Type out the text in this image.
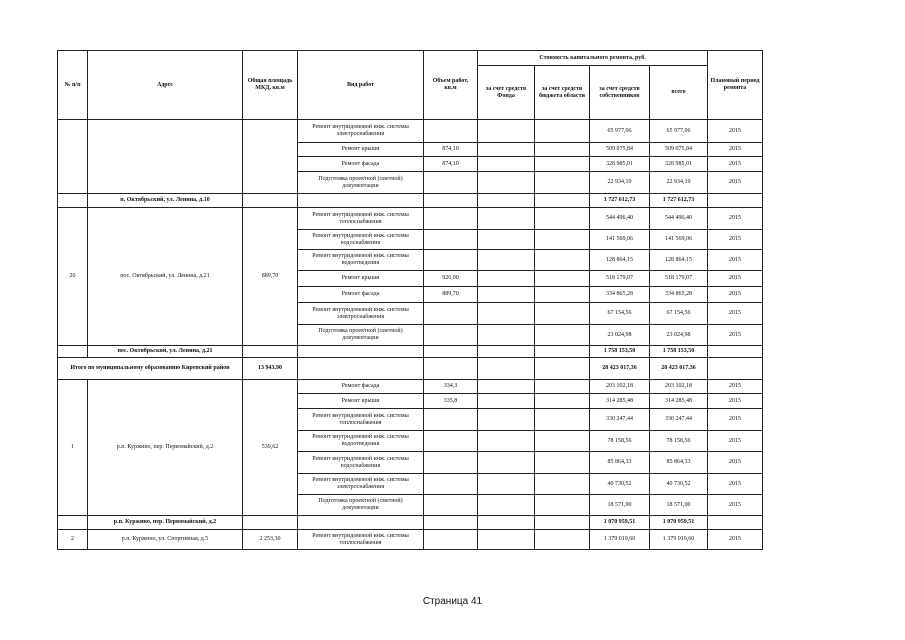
№ п/п	Адрес	Общая площадь МКД, кв.м	Вид работ	Объем работ, кв.м	Стоимость капитального ремонта, руб.				Плановый период ремонта
					за счет средств Фонда	за счет средств бюджета области	за счет средств собственников	всего	
			Ремонт внутридомовой инж. системы электроснабжения				65 977,06	65 977,06	2015
			Ремонт крыши	874,10			509 075,84	509 075,84	2015
			Ремонт фасада	874,10			328 985,01	328 985,01	2015
			Подготовка проектной (сметной) документации				22 934,19	22 934,19	2015
	п. Октябрьский, ул. Ленина, д.10						1 727 612,73	1 727 612,73	
20	пос. Октябрьский, ул. Ленина, д.21	889,70	Ремонт внутридомовой инж. системы теплоснабжения				544 496,40	544 496,40	2015
			Ремонт внутридомовой инж. системы водоснабжения				141 569,06	141 569,06	2015
			Ремонт внутридомовой инж. системы водоотведения				128 864,15	128 864,15	2015
			Ремонт крыши	926,00			518 179,07	518 179,07	2015
			Ремонт фасада	889,70			334 865,28	334 865,28	2015
			Ремонт внутридомовой инж. системы электроснабжения				67 154,56	67 154,56	2015
			Подготовка проектной (сметной) документации				23 024,98	23 024,98	2015
	пос. Октябрьский, ул. Ленина, д.21						1 758 153,50	1 758 153,50	
Итого по муниципальному образованию Киренский район		13 943,90					28 423 017,36	28 423 017,36	
1	р.п. Куржино, пер. Первомайский, д.2	539,62	Ремонт фасада	334,3			203 102,18	203 102,18	2015
			Ремонт крыши	335,8			314 285,48	314 285,48	2015
			Ремонт внутридомовой инж. системы теплоснабжения				330 247,44	330 247,44	2015
			Ремонт внутридомовой инж. системы водоотведения				78 158,56	78 158,56	2015
			Ремонт внутридомовой инж. системы водоснабжения				85 864,33	85 864,33	2015
			Ремонт внутридомовой инж. системы электроснабжения				40 730,52	40 730,52	2015
			Подготовка проектной (сметной) документации				18 571,00	18 571,00	2015
	р.п. Куржино, пер. Первомайский, д.2						1 070 959,51	1 070 959,51	
2	р.п. Куржино, ул. Спортивная, д.5	2 253,30	Ремонт внутридомовой инж. системы теплоснабжения				1 379 019,60	1 379 019,60	2015
Страница 41
